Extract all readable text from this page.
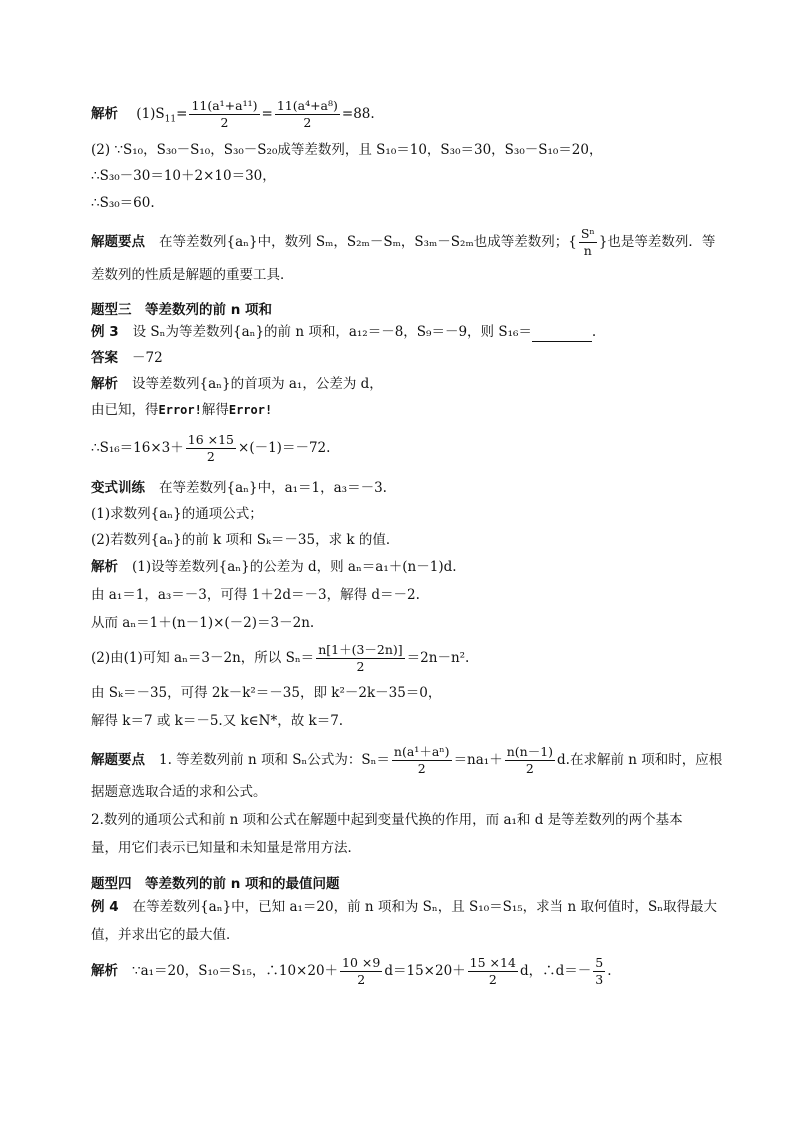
解析 $(1)S_{11}= \frac{\text{11(a¹+a¹¹)}}{2} = \frac{\text{11(a⁴+a⁸)}}{2} =88$.
(2) ∵S₁₀，S₃₀－S₁₀，S₃₀－S₂₀成等差数列，且 S₁₀＝10，S₃₀＝30，S₃₀－S₁₀＝20，
∴S₃₀－30＝10＋2×10＝30，
∴S₃₀＝60.
解题要点 在等差数列{aₙ}中，数列 Sₘ，S₂ₘ－Sₘ，S₃ₘ－S₂ₘ也成等差数列；{ $\frac{\text{Sⁿ}}{n}$ }也是等差数列．等
差数列的性质是解题的重要工具．
题型三　等差数列的前 n 项和
例 3 设 Sₙ为等差数列{aₙ}的前 n 项和，a₁₂＝－8，S₉＝－9，则 S₁₆＝	.
答案 －72
解析 设等差数列{aₙ}的首项为 a₁，公差为 d，
由已知，得Error!解得Error!
∴S₁₆＝16×3＋ $\frac{16 \times 15}{2} \times(-1)=-72$.
变式训练 在等差数列{aₙ}中，a₁＝1，a₃＝－3.
(1)求数列{aₙ}的通项公式；
(2)若数列{aₙ}的前 k 项和 Sₖ＝－35，求 k 的值．
解析 (1)设等差数列{aₙ}的公差为 d，则 aₙ＝a₁＋(n－1)d.
由 a₁＝1，a₃＝－3，可得 1＋2d＝－3，解得 d＝－2.
从而 aₙ＝1＋(n－1)×(－2)＝3－2n.
(2)由(1)可知 aₙ＝3－2n，所以 $S_n= \frac{n[1+(3-2n)]}{2} =2n-n^2$.
由 Sₖ＝－35，可得 2k－k²＝－35，即 k²－2k－35＝0，
解得 k＝7 或 k＝－5.又 k∈N*，故 k＝7.
解题要点 1. 等差数列前 n 项和 Sₙ公式为：$S_n= \frac{\text{n(a¹＋aⁿ)}}{2} =na_1+ \frac{n(n-1)}{2} d$.在求解前 n 项和时，应根
据题意选取合适的求和公式。
2.数列的通项公式和前 n 项和公式在解题中起到变量代换的作用，而 a₁和 d 是等差数列的两个基本
量，用它们表示已知量和未知量是常用方法．
题型四　等差数列的前 n 项和的最值问题
例 4 在等差数列{aₙ}中，已知 a₁＝20，前 n 项和为 Sₙ，且 S₁₀＝S₁₅，求当 n 取何值时，Sₙ取得最大
值，并求出它的最大值．
解析 ∵a₁＝20，S₁₀＝S₁₅，∴10×20＋ $\frac{10 \times 9}{2} d=15\times 20+ \frac{15 \times 14}{2}$ d，∴d＝－ $\frac{5}{3}$ .
